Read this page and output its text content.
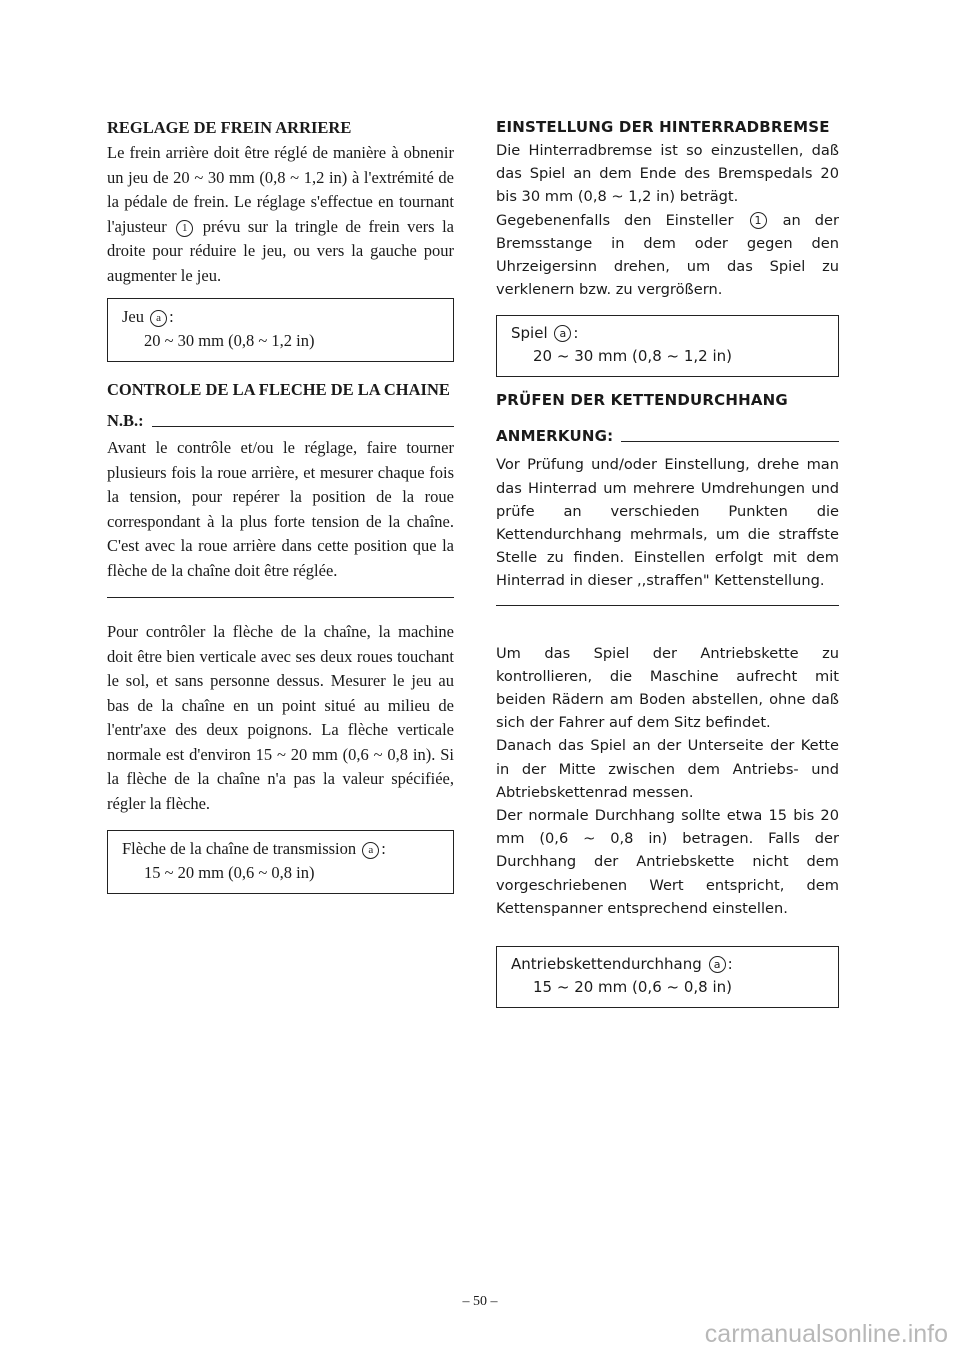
REGLAGE DE FREIN ARRIERE

Le frein arrière doit être réglé de manière à obnenir un jeu de 20 ~ 30 mm (0,8 ~ 1,2 in) à l'extrémité de la pédale de frein. Le réglage s'effectue en tournant l'ajusteur 1 prévu sur la tringle de frein vers la droite pour réduire le jeu, ou vers la gauche pour augmenter le jeu.

Jeu a :
20 ~ 30 mm (0,8 ~ 1,2 in)

CONTROLE DE LA FLECHE DE LA CHAINE

N.B.:

Avant le contrôle et/ou le réglage, faire tourner plusieurs fois la roue arrière, et mesurer chaque fois la tension, pour repérer la position de la roue correspondant à la plus forte tension de la chaîne. C'est avec la roue arrière dans cette position que la flèche de la chaîne doit être réglée.

Pour contrôler la flèche de la chaîne, la machine doit être bien verticale avec ses deux roues touchant le sol, et sans personne dessus. Mesurer le jeu au bas de la chaîne en un point situé au milieu de l'entr'axe des deux poignons. La flèche verticale normale est d'environ 15 ~ 20 mm (0,6 ~ 0,8 in). Si la flèche de la chaîne n'a pas la valeur spécifiée, régler la flèche.

Flèche de la chaîne de transmission a :
15 ~ 20 mm (0,6 ~ 0,8 in)

EINSTELLUNG DER HINTERRADBREMSE

Die Hinterradbremse ist so einzustellen, daß das Spiel an dem Ende des Bremspedals 20 bis 30 mm (0,8 ~ 1,2 in) beträgt.

Gegebenenfalls den Einsteller 1 an der Bremsstange in dem oder gegen den Uhrzeigersinn drehen, um das Spiel zu verklenern bzw. zu vergrößern.

Spiel a :
20 ~ 30 mm (0,8 ~ 1,2 in)

PRÜFEN DER KETTENDURCHHANG

ANMERKUNG:

Vor Prüfung und/oder Einstellung, drehe man das Hinterrad um mehrere Umdrehungen und prüfe an verschieden Punkten die Kettendurchhang mehrmals, um die straffste Stelle zu finden. Einstellen erfolgt mit dem Hinterrad in dieser ,,straffen" Kettenstellung.

Um das Spiel der Antriebskette zu kontrollieren, die Maschine aufrecht mit beiden Rädern am Boden abstellen, ohne daß sich der Fahrer auf dem Sitz befindet.

Danach das Spiel an der Unterseite der Kette in der Mitte zwischen dem Antriebs- und Abtriebskettenrad messen.

Der normale Durchhang sollte etwa 15 bis 20 mm (0,6 ~ 0,8 in) betragen. Falls der Durchhang der Antriebskette nicht dem vorgeschriebenen Wert entspricht, dem Kettenspanner entsprechend einstellen.

Antriebskettendurchhang a :
15 ~ 20 mm (0,6 ~ 0,8 in)
– 50 –
carmanualsonline.info
